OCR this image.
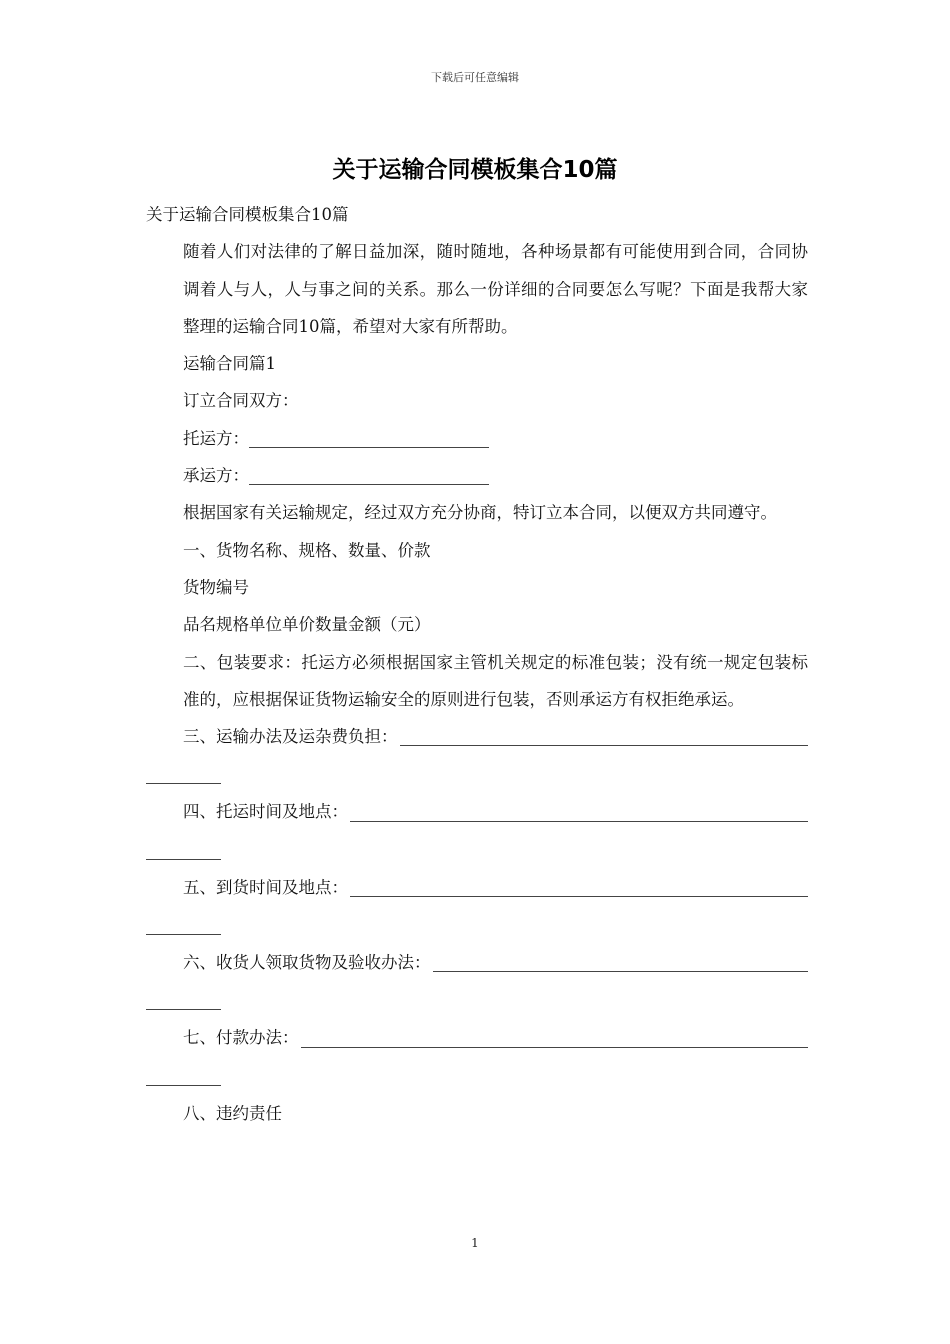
下载后可任意编辑
关于运输合同模板集合10篇

关于运输合同模板集合10篇

随着人们对法律的了解日益加深，随时随地，各种场景都有可能使用到合同，合同协调着人与人，人与事之间的关系。那么一份详细的合同要怎么写呢？下面是我帮大家整理的运输合同10篇，希望对大家有所帮助。

运输合同篇1

订立合同双方：

托运方：
承运方：

根据国家有关运输规定，经过双方充分协商，特订立本合同，以便双方共同遵守。

一、货物名称、规格、数量、价款

货物编号

品名规格单位单价数量金额（元）

二、包装要求：托运方必须根据国家主管机关规定的标准包装；没有统一规定包装标准的，应根据保证货物运输安全的原则进行包装，否则承运方有权拒绝承运。

三、运输办法及运杂费负担：
四、托运时间及地点：
五、到货时间及地点：
六、收货人领取货物及验收办法：
七、付款办法：

八、违约责任

1
